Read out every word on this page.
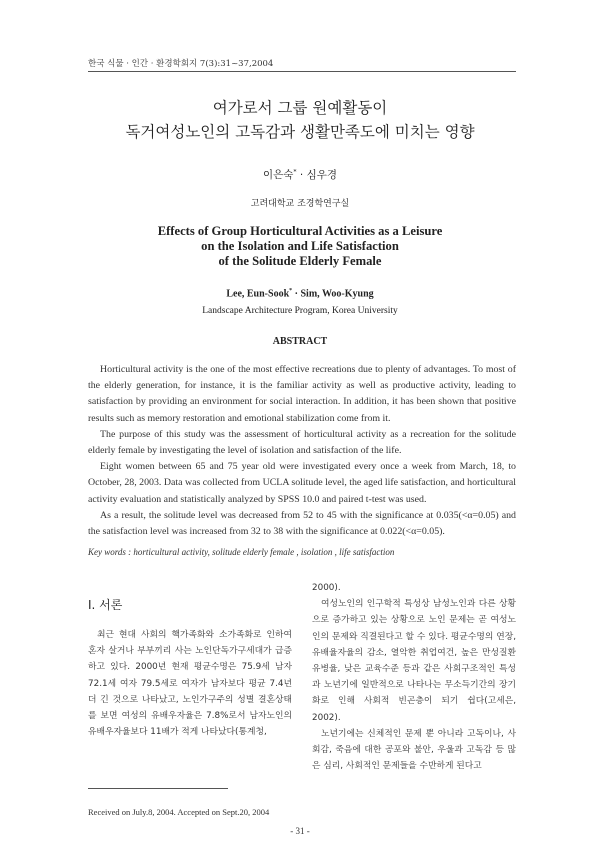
한국 식물 · 인간 · 환경학회지 7(3):31~37,2004
여가로서 그룹 원예활동이
독거여성노인의 고독감과 생활만족도에 미치는 영향
이은숙* · 심우경
고려대학교 조경학연구실
Effects of Group Horticultural Activities as a Leisure
on the Isolation and Life Satisfaction
of the Solitude Elderly Female
Lee, Eun-Sook* · Sim, Woo-Kyung
Landscape Architecture Program, Korea University
ABSTRACT

Horticultural activity is the one of the most effective recreations due to plenty of advantages. To most of the elderly generation, for instance, it is the familiar activity as well as productive activity, leading to satisfaction by providing an environment for social interaction. In addition, it has been shown that positive results such as memory restoration and emotional stabilization come from it.

The purpose of this study was the assessment of horticultural activity as a recreation for the solitude elderly female by investigating the level of isolation and satisfaction of the life.

Eight women between 65 and 75 year old were investigated every once a week from March, 18, to October, 28, 2003. Data was collected from UCLA solitude level, the aged life satisfaction, and horticultural activity evaluation and statistically analyzed by SPSS 10.0 and paired t-test was used.

As a result, the solitude level was decreased from 52 to 45 with the significance at 0.035(<α=0.05) and the satisfaction level was increased from 32 to 38 with the significance at 0.022(<α=0.05).

Key words : horticultural activity, solitude elderly female , isolation , life satisfaction
Ⅰ. 서론

최근 현대 사회의 핵가족화와 소가족화로 인하여 혼자 살거나 부부끼리 사는 노인단독가구세대가 급증하고 있다. 2000년 현재 평균수명은 75.9세 남자 72.1세 여자 79.5세로 여자가 남자보다 평균 7.4년 더 긴 것으로 나타났고, 노인가구주의 성별 결혼상태를 보면 여성의 유배우자율은 7.8%로서 남자노인의 유배우자율보다 11배가 적게 나타났다(통계청,

2000).

여성노인의 인구학적 특성상 남성노인과 다른 상황으로 증가하고 있는 상황으로 노인 문제는 곧 여성노인의 문제와 직결된다고 할 수 있다. 평균수명의 연장, 유배율자율의 감소, 열악한 취업여건, 높은 만성질환 유병율, 낮은 교육수준 등과 같은 사회구조적인 특성과 노년기에 일반적으로 나타나는 무소득기간의 장기화로 인해 사회적 빈곤층이 되기 쉽다(고세은, 2002).

노년기에는 신체적인 문제 뿐 아니라 고독이나, 사회감, 죽음에 대한 공포와 불안, 우울과 고독감 등 많은 심리, 사회적인 문제들을 수반하게 된다고

Received on July.8, 2004. Accepted on Sept.20, 2004
- 31 -
